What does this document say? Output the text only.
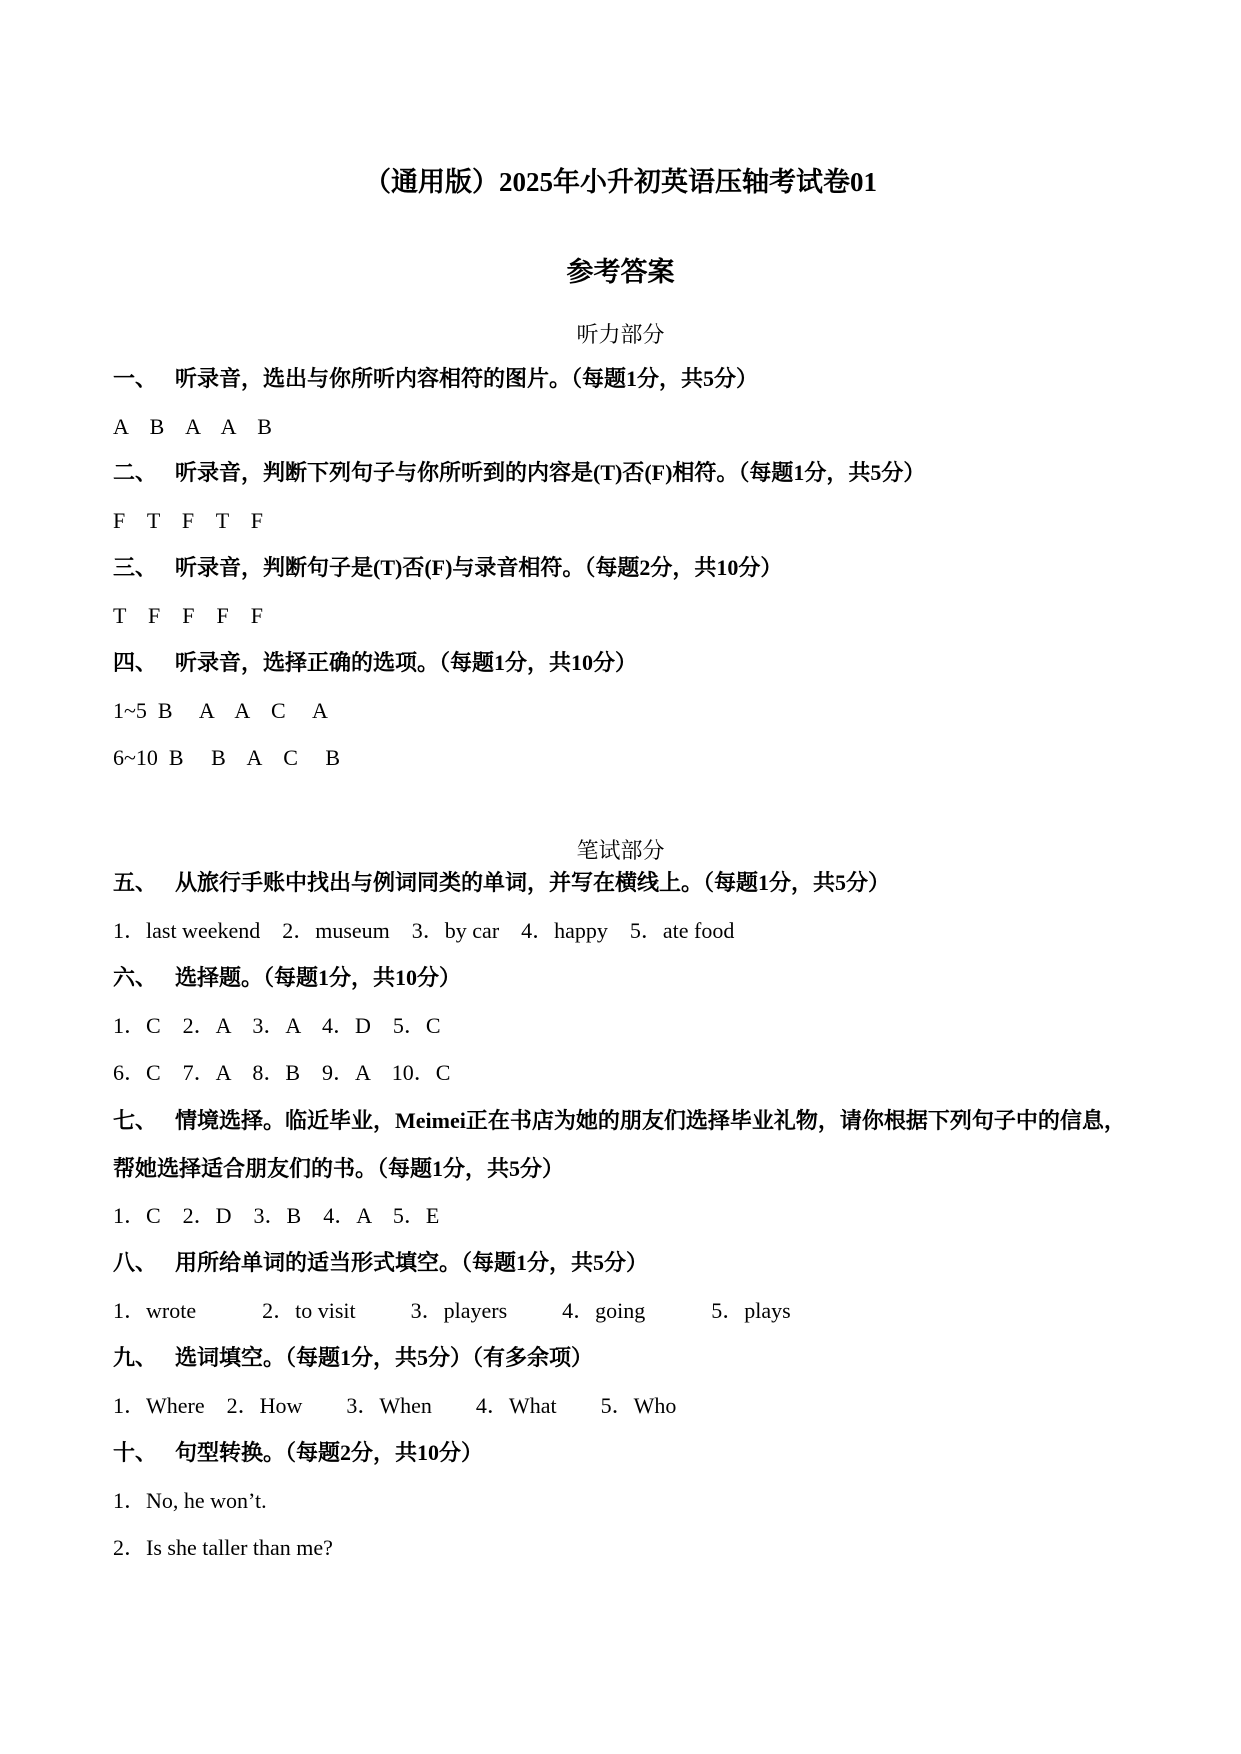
（通用版）2025年小升初英语压轴考试卷01
参考答案
听力部分
一、 听录音，选出与你所听内容相符的图片。（每题1分，共5分）
A    B    A    A    B
二、 听录音，判断下列句子与你所听到的内容是(T)否(F)相符。（每题1分，共5分）
F    T    F    T    F
三、 听录音，判断句子是(T)否(F)与录音相符。（每题2分，共10分）
T    F    F    F    F
四、 听录音，选择正确的选项。（每题1分，共10分）
1~5  B     A    A    C     A
6~10  B     B    A    C     B
笔试部分
五、 从旅行手账中找出与例词同类的单词，并写在横线上。（每题1分，共5分）
1．last weekend    2．museum    3．by car    4．happy    5．ate food
六、 选择题。（每题1分，共10分）
1．C    2．A    3．A    4．D    5．C
6．C    7．A    8．B    9．A    10．C
七、 情境选择。临近毕业，Meimei正在书店为她的朋友们选择毕业礼物，请你根据下列句子中的信息，帮她选择适合朋友们的书。（每题1分，共5分）
1．C    2．D    3．B    4．A    5．E
八、 用所给单词的适当形式填空。（每题1分，共5分）
1．wrote            2．to visit          3．players          4．going            5．plays
九、 选词填空。（每题1分，共5分）（有多余项）
1．Where    2．How        3．When        4．What        5．Who
十、 句型转换。（每题2分，共10分）
1．No, he won’t.
2．Is she taller than me?
